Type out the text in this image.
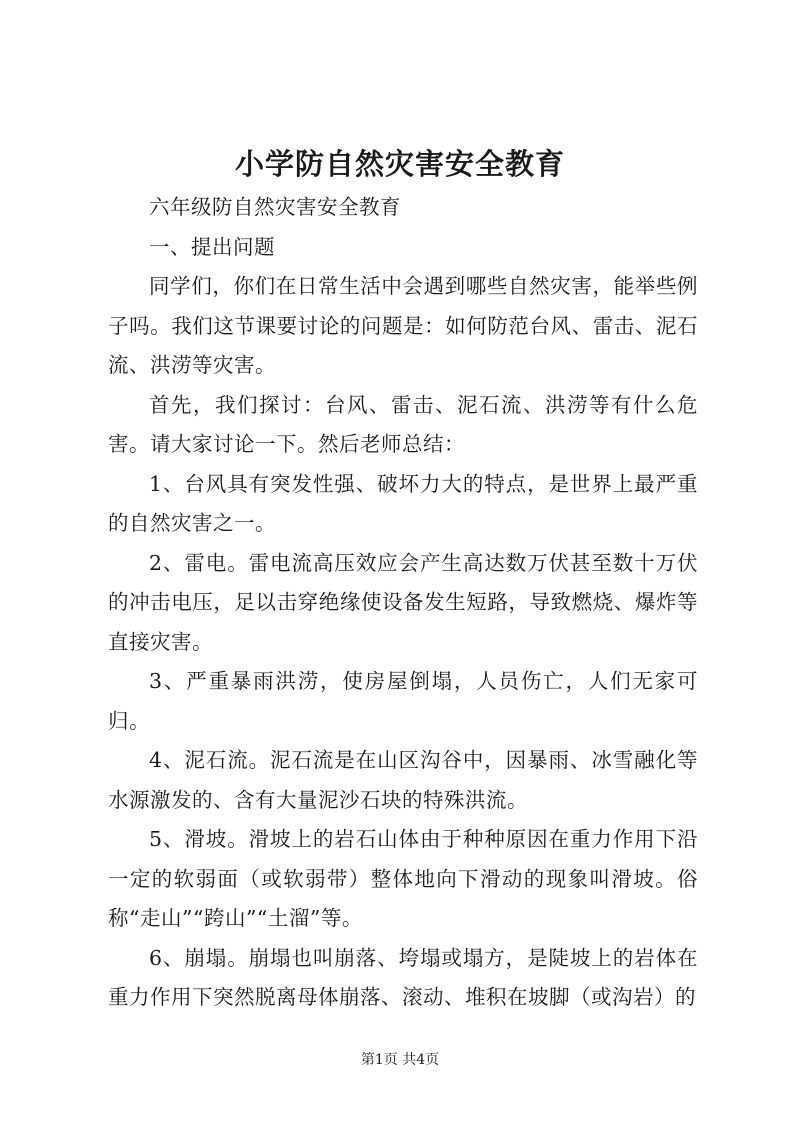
小学防自然灾害安全教育

六年级防自然灾害安全教育

一、提出问题

同学们，你们在日常生活中会遇到哪些自然灾害，能举些例子吗。我们这节课要讨论的问题是：如何防范台风、雷击、泥石流、洪涝等灾害。

首先，我们探讨：台风、雷击、泥石流、洪涝等有什么危害。请大家讨论一下。然后老师总结：

1、台风具有突发性强、破坏力大的特点，是世界上最严重的自然灾害之一。

2、雷电。雷电流高压效应会产生高达数万伏甚至数十万伏的冲击电压，足以击穿绝缘使设备发生短路，导致燃烧、爆炸等直接灾害。

3、严重暴雨洪涝，使房屋倒塌，人员伤亡，人们无家可归。

4、泥石流。泥石流是在山区沟谷中，因暴雨、冰雪融化等水源激发的、含有大量泥沙石块的特殊洪流。

5、滑坡。滑坡上的岩石山体由于种种原因在重力作用下沿一定的软弱面（或软弱带）整体地向下滑动的现象叫滑坡。俗称“走山”“跨山”“土溜”等。

6、崩塌。崩塌也叫崩落、垮塌或塌方，是陡坡上的岩体在重力作用下突然脱离母体崩落、滚动、堆积在坡脚（或沟岩）的

第1页 共4页
